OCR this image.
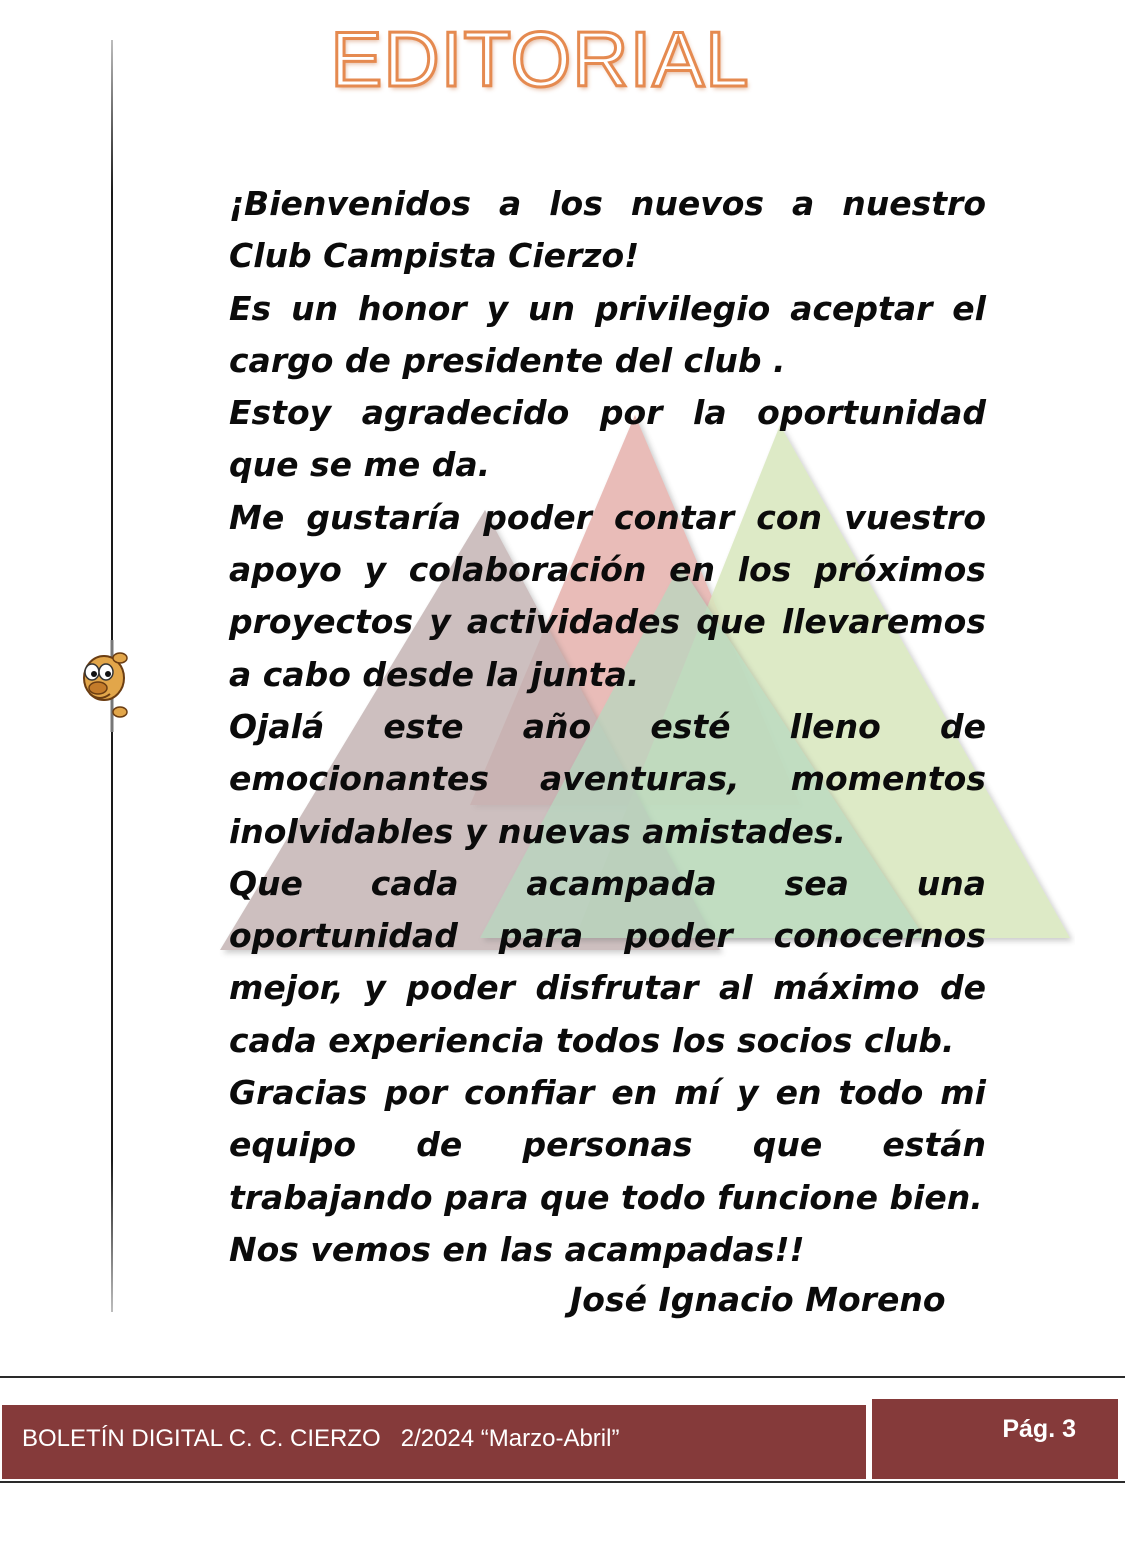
EDITORIAL

¡Bienvenidos a los nuevos a nuestro Club Campista Cierzo!

Es un honor y un privilegio aceptar el cargo de presidente del club .

Estoy agradecido por la oportunidad que se me da.

Me gustaría poder contar con vuestro apoyo y colaboración en los próximos proyectos y actividades que llevaremos a cabo desde la junta.

Ojalá este año esté lleno de emocionantes aventuras, momentos inolvidables y nuevas amistades.

Que cada acampada sea una oportunidad para poder conocernos mejor, y poder disfrutar al máximo de cada experiencia todos los socios club.

Gracias por confiar en mí y en todo mi equipo de personas que están trabajando para que todo funcione bien.

Nos vemos en las acampadas!!

José Ignacio Moreno
BOLETÍN DIGITAL C. C. CIERZO   2/2024 “Marzo-Abril”	Pág. 3
